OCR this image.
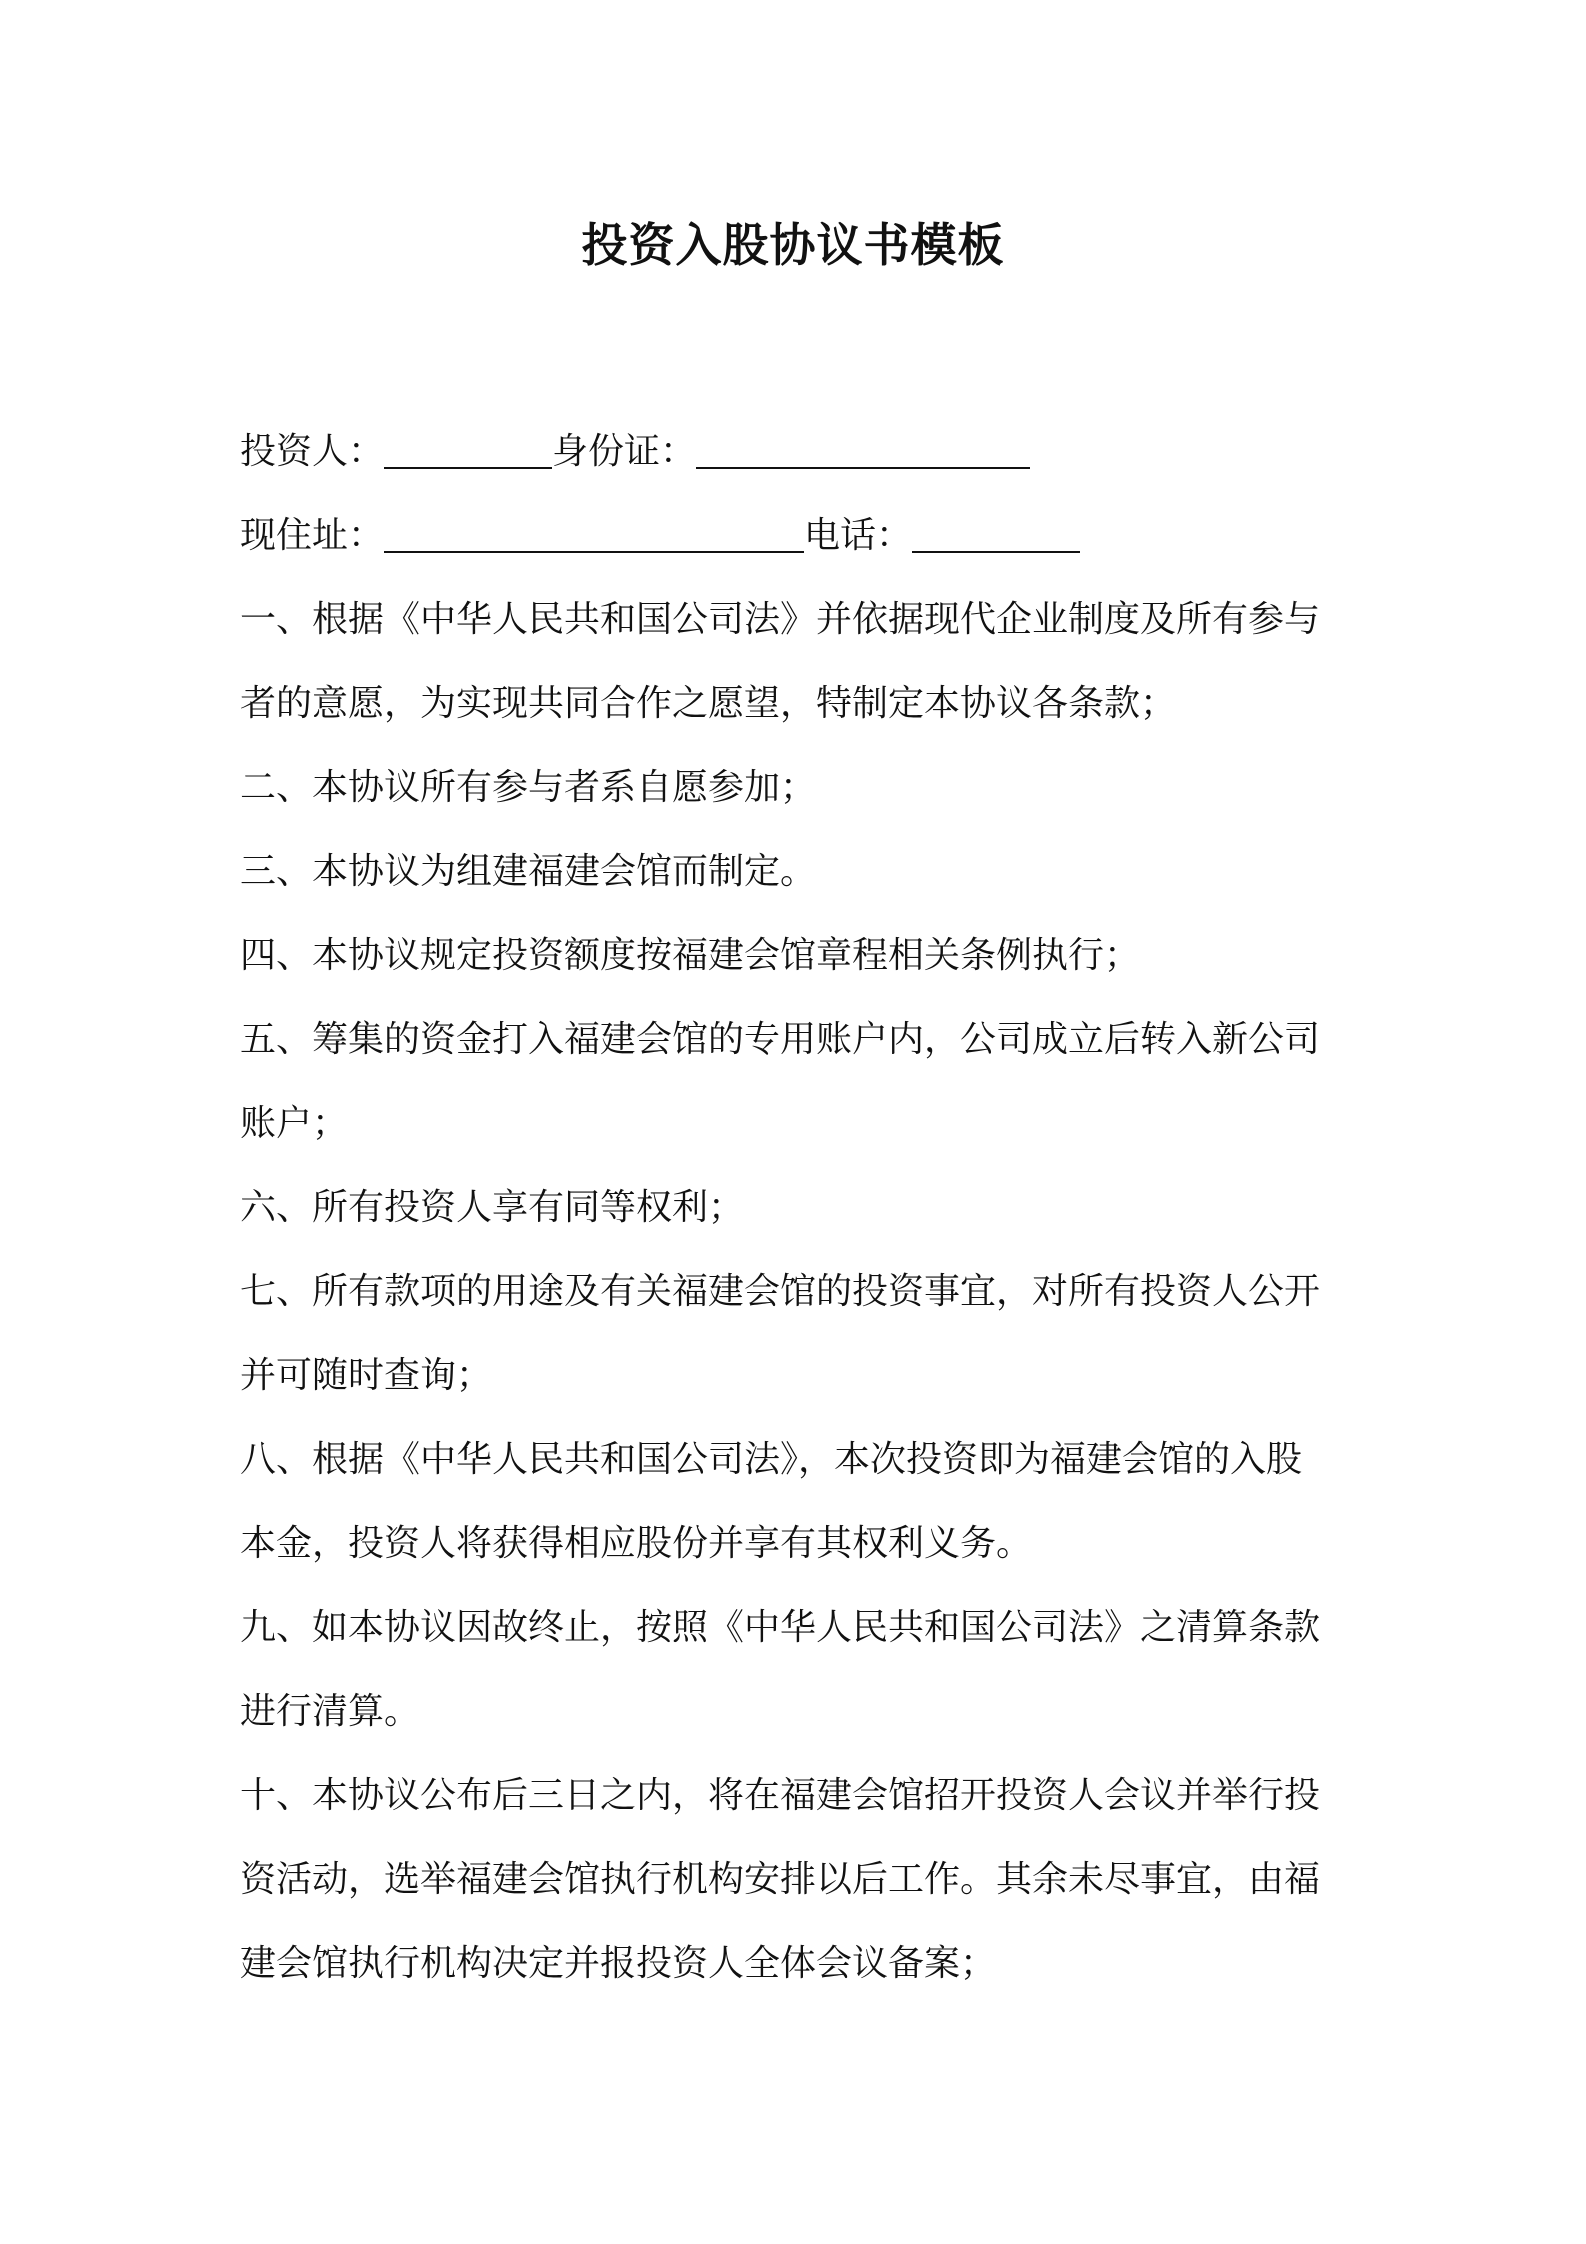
投资入股协议书模板
投资人：	身份证：
现住址：	电话：
一、根据《中华人民共和国公司法》并依据现代企业制度及所有参与
者的意愿，为实现共同合作之愿望，特制定本协议各条款；
二、本协议所有参与者系自愿参加；
三、本协议为组建福建会馆而制定。
四、本协议规定投资额度按福建会馆章程相关条例执行；
五、筹集的资金打入福建会馆的专用账户内，公司成立后转入新公司
账户；
六、所有投资人享有同等权利；
七、所有款项的用途及有关福建会馆的投资事宜，对所有投资人公开
并可随时查询；
八、根据《中华人民共和国公司法》，本次投资即为福建会馆的入股
本金，投资人将获得相应股份并享有其权利义务。
九、如本协议因故终止，按照《中华人民共和国公司法》之清算条款
进行清算。
十、本协议公布后三日之内，将在福建会馆招开投资人会议并举行投
资活动，选举福建会馆执行机构安排以后工作。其余未尽事宜，由福
建会馆执行机构决定并报投资人全体会议备案；
